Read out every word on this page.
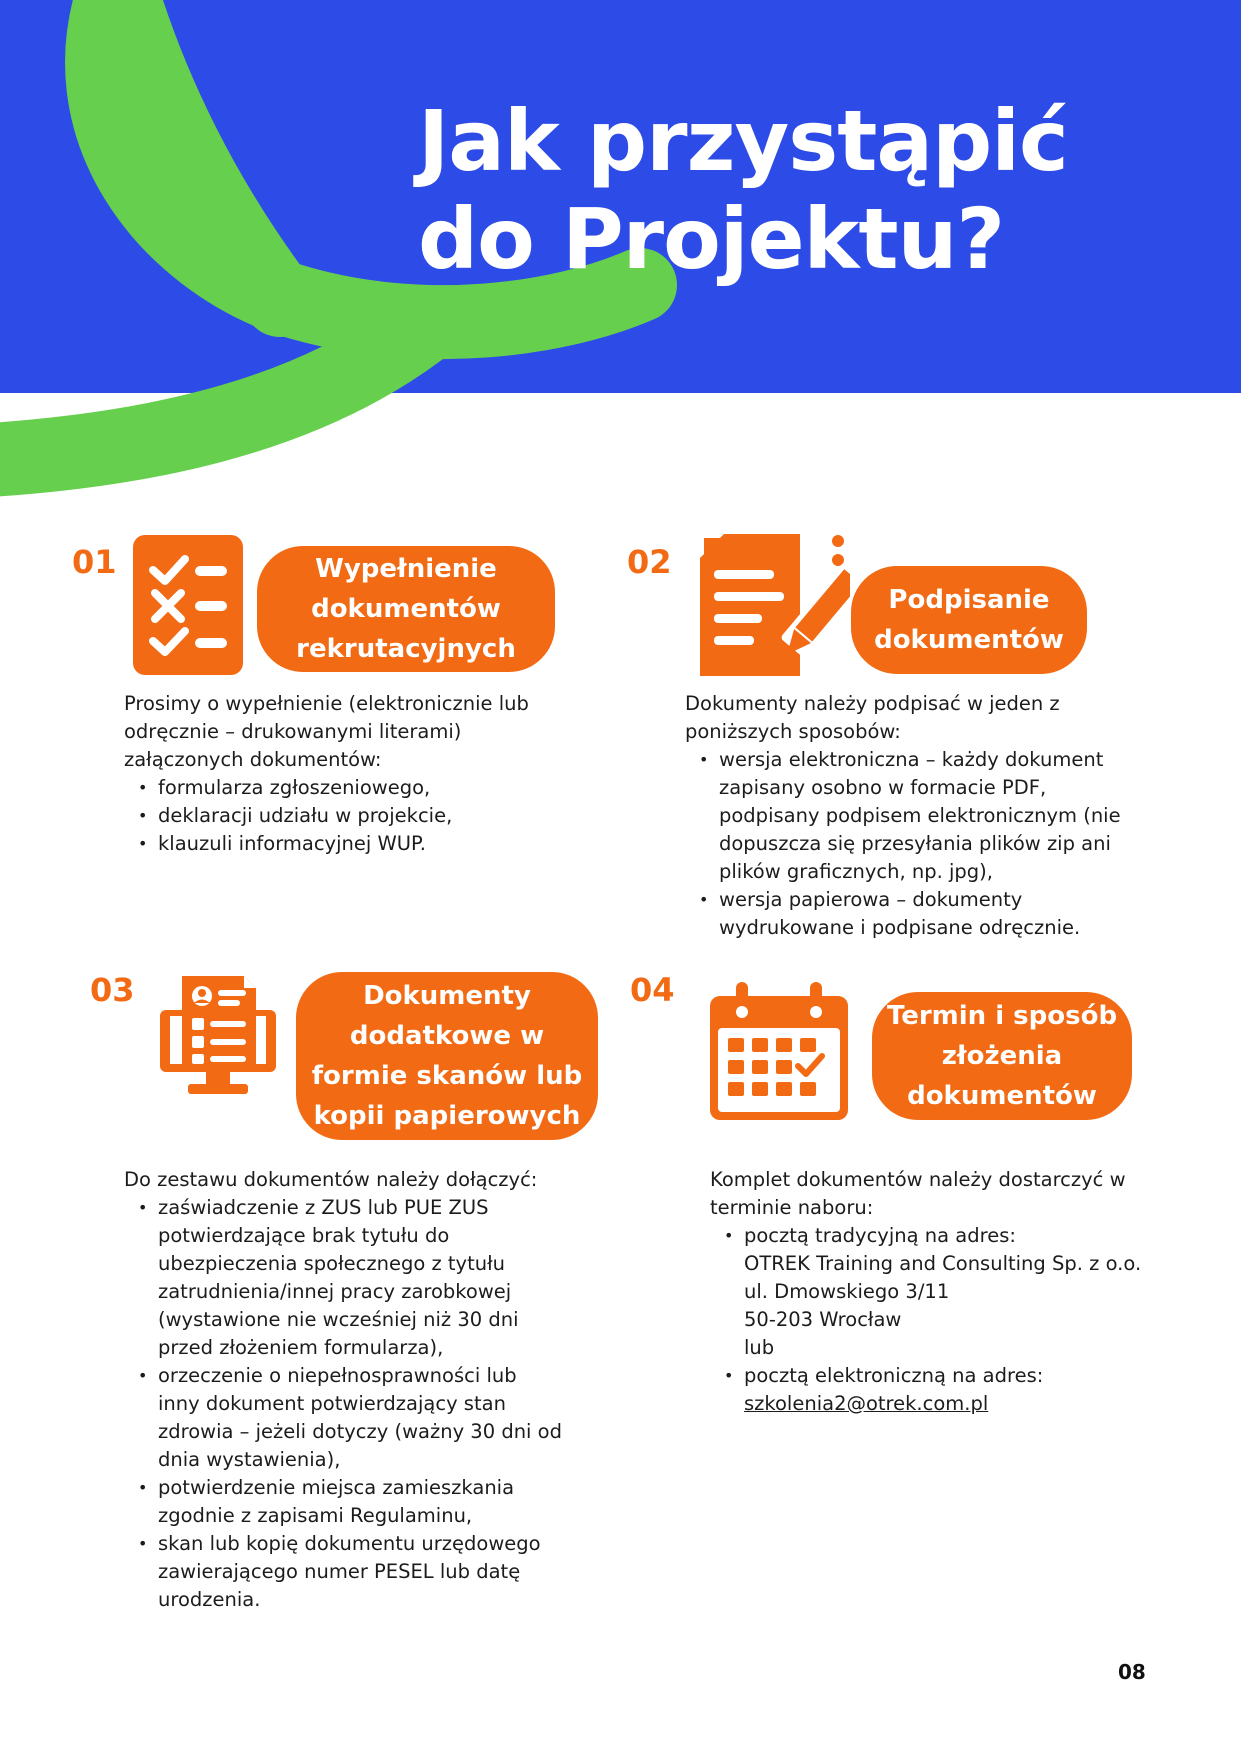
Jak przystąpić
do Projektu?
01	Wypełnienie
dokumentów
rekrutacyjnych
Prosimy o wypełnienie (elektronicznie lub
odręcznie – drukowanymi literami)
załączonych dokumentów:
• formularza zgłoszeniowego,
• deklaracji udziału w projekcie,
• klauzuli informacyjnej WUP.
02
Podpisanie
dokumentów
Dokumenty należy podpisać w jeden z
poniższych sposobów:
• wersja elektroniczna – każdy dokument
zapisany osobno w formacie PDF,
podpisany podpisem elektronicznym (nie
dopuszcza się przesyłania plików zip ani
plików graficznych, np. jpg),
• wersja papierowa – dokumenty
wydrukowane i podpisane odręcznie.
03	Dokumenty
dodatkowe w
formie skanów lub
kopii papierowych
Do zestawu dokumentów należy dołączyć:
• zaświadczenie z ZUS lub PUE ZUS
potwierdzające brak tytułu do
ubezpieczenia społecznego z tytułu
zatrudnienia/innej pracy zarobkowej
(wystawione nie wcześniej niż 30 dni
przed złożeniem formularza),
• orzeczenie o niepełnosprawności lub
inny dokument potwierdzający stan
zdrowia – jeżeli dotyczy (ważny 30 dni od
dnia wystawienia),
• potwierdzenie miejsca zamieszkania
zgodnie z zapisami Regulaminu,
• skan lub kopię dokumentu urzędowego
zawierającego numer PESEL lub datę
urodzenia.
04
Termin i sposób
złożenia
dokumentów
Komplet dokumentów należy dostarczyć w
terminie naboru:
• pocztą tradycyjną na adres:
OTREK Training and Consulting Sp. z o.o.
ul. Dmowskiego 3/11
50-203 Wrocław
lub
• pocztą elektroniczną na adres:
szkolenia2@otrek.com.pl
08
